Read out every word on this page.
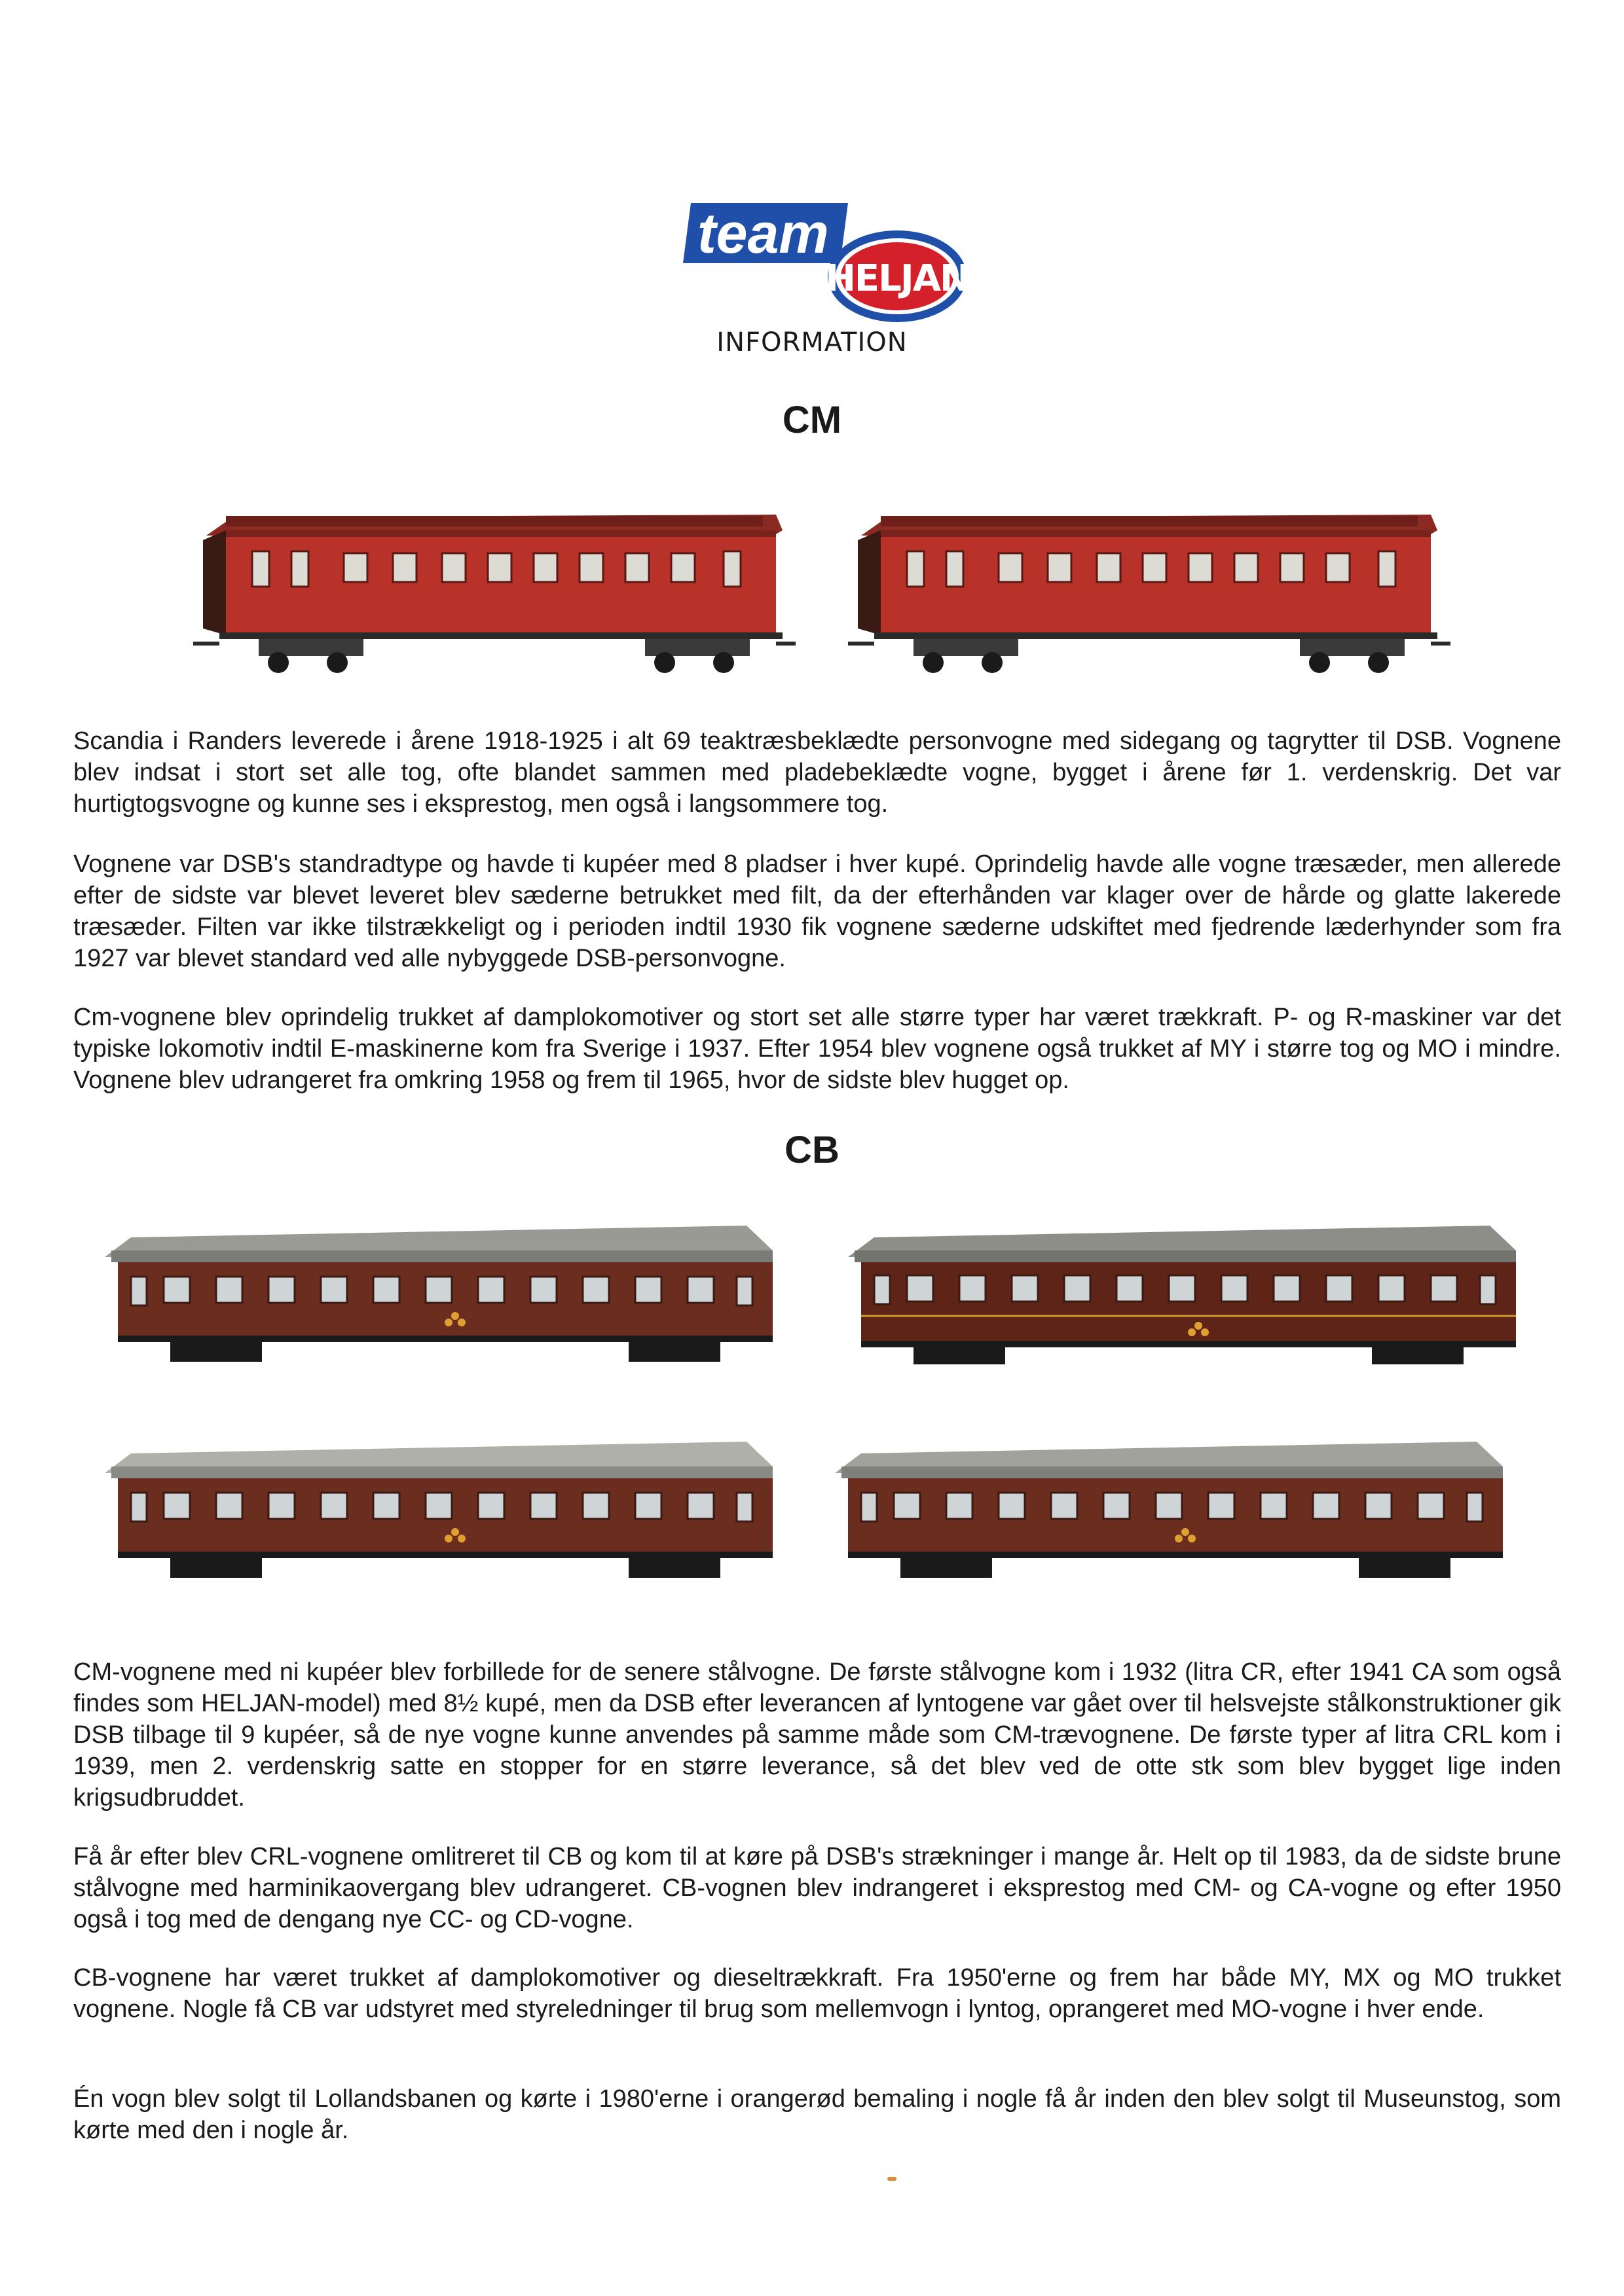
team
HELJAN
INFORMATION
CM

Scandia i Randers leverede i årene 1918-1925 i alt 69 teaktræsbeklædte personvogne med sidegang og tagrytter til DSB. Vognene blev indsat i stort set alle tog, ofte blandet sammen med pladebeklædte vogne, bygget i årene før 1. verdenskrig. Det var hurtigtogsvogne og kunne ses i eksprestog, men også i langsommere tog.

Vognene var DSB's standradtype og havde ti kupéer med 8 pladser i hver kupé. Oprindelig havde alle vogne træsæder, men allerede efter de sidste var blevet leveret blev sæderne betrukket med filt, da der efterhånden var klager over de hårde og glatte lakerede træsæder. Filten var ikke tilstrækkeligt og i perioden indtil 1930 fik vognene sæderne udskiftet med fjedrende læderhynder som fra 1927 var blevet standard ved alle nybyggede DSB-personvogne.

Cm-vognene blev oprindelig trukket af damplokomotiver og stort set alle større typer har været trækkraft. P- og R-maskiner var det typiske lokomotiv indtil E-maskinerne kom fra Sverige i 1937. Efter 1954 blev vognene også trukket af MY i større tog og MO i mindre. Vognene blev udrangeret fra omkring 1958 og frem til 1965, hvor de sidste blev hugget op.

CB

CM-vognene med ni kupéer blev forbillede for de senere stålvogne. De første stålvogne kom i 1932 (litra CR, efter 1941 CA som også findes som HELJAN-model) med 8½ kupé, men da DSB efter leverancen af lyntogene var gået over til helsvejste stålkonstruktioner gik DSB tilbage til 9 kupéer, så de nye vogne kunne anvendes på samme måde som CM-trævognene. De første typer af litra CRL kom i 1939, men 2. verdenskrig satte en stopper for en større leverance, så det blev ved de otte stk som blev bygget lige inden krigsudbruddet.

Få år efter blev CRL-vognene omlitreret til CB og kom til at køre på DSB's strækninger i mange år. Helt op til 1983, da de sidste brune stålvogne med harminikaovergang blev udrangeret. CB-vognen blev indrangeret i eksprestog med CM- og CA-vogne og efter 1950 også i tog med de dengang nye CC- og CD-vogne.

CB-vognene har været trukket af damplokomotiver og dieseltrækkraft. Fra 1950'erne og frem har både MY, MX og MO trukket vognene. Nogle få CB var udstyret med styreledninger til brug som mellemvogn i lyntog, oprangeret med MO-vogne i hver ende.

Én vogn blev solgt til Lollandsbanen og kørte i 1980'erne i orangerød bemaling i nogle få år inden den blev solgt til Museunstog, som kørte med den i nogle år.
